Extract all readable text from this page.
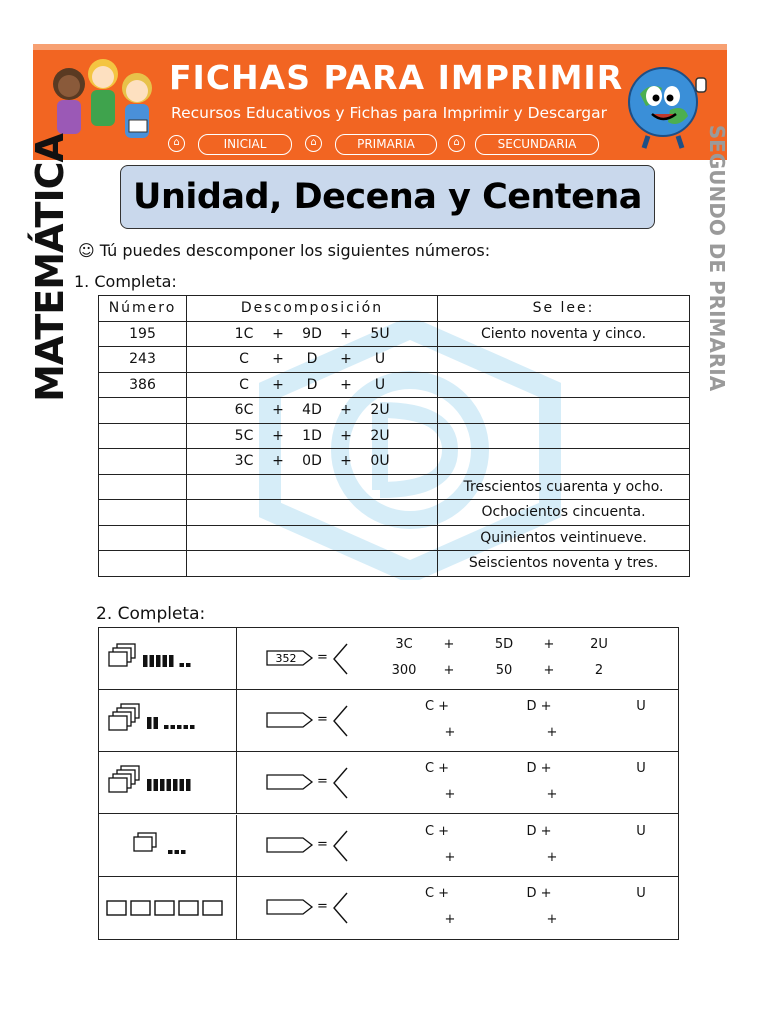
FICHAS PARA IMPRIMIR
Recursos Educativos y Fichas para Imprimir y Descargar
⌂	INICIAL	⌂	PRIMARIA	⌂	SECUNDARIA
MATEMÁTICA	SEGUNDO DE PRIMARIA
Unidad, Decena y Centena
☺ Tú puedes descomponer los siguientes números:
1. Completa:
Número	Descomposición	Se lee:
195	1C + 9D + 5U	Ciento noventa y cinco.
243	C + D + U	

386	C + D + U	

	6C + 4D + 2U	

	5C + 1D + 2U	

	3C + 0D + 0U	

		Trescientos cuarenta y ocho.
		Ochocientos cincuenta.
		Quinientos veintinueve.
		Seiscientos noventa y tres.
2. Completa:
352 =
3C	+	5D	+	2U
300	+	50	+	2
=
C +	D +	U
+	+
=
C +	D +	U
+	+
=
C +	D +	U
+	+
=
C +	D +	U
+	+
